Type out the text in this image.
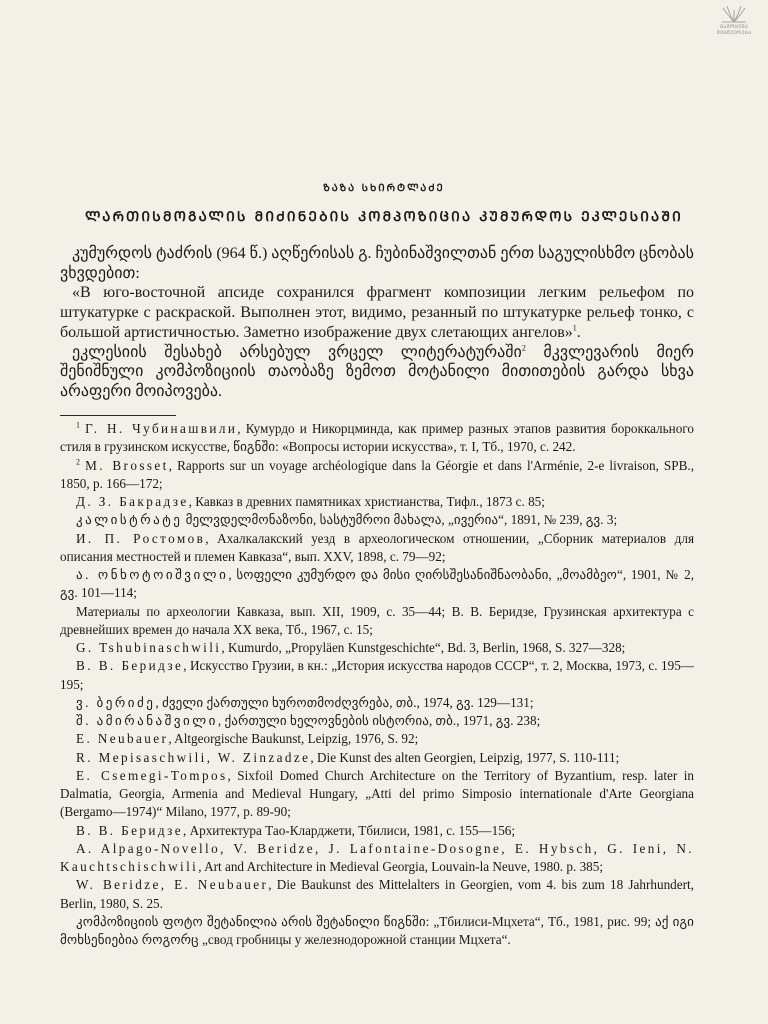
ᲒᲐᲛᲝᲪᲔᲛᲐ
ᲛᲔᲪᲜᲘᲔᲠᲔᲑᲐ
ᲖᲐᲖᲐ ᲡᲮᲘᲠᲢᲚᲐᲫᲔ
ᲚᲐᲠᲗᲘᲡᲛᲝᲒᲐᲚᲘᲡ ᲛᲘᲫᲘᲜᲔᲑᲘᲡ ᲙᲝᲛᲞᲝᲖᲘᲪᲘᲐ ᲙᲣᲛᲣᲠᲓᲝᲡ ᲔᲙᲚᲔᲡᲘᲐᲨᲘ

კუმურდოს ტაძრის (964 წ.) აღწერისას გ. ჩუბინაშვილთან ერთ საგულისხმო ცნობას ვხვდებით:

«В юго-восточной апсиде сохранился фрагмент композиции легким рельефом по штукатурке с раскраской. Выполнен этот, видимо, резанный по штукатурке рельеф тонко, с большой артистичностью. Заметно изображение двух слетающих ангелов»$^1$.

ეკლესიის შესახებ არსებულ ვრცელ ლიტერატურაში$^2$ მკვლევარის მიერ შენიშნული კომპოზიციის თაობაზე ზემოთ მოტანილი მითითების გარდა სხვა არაფერი მოიპოვება.

$^1$ Г. Н. Чубинашвили, Кумурдо и Никорцминда, как пример разных этапов развития бороккального стиля в грузинском искусстве, წიგნში: «Вопросы истории искусства», т. I, Тб., 1970, с. 242.

$^2$ M. Brosset, Rapports sur un voyage archéologique dans la Géorgie et dans l'Arménie, 2-e livraison, SPB., 1850, p. 166—172;

Д. З. Бакрадзе, Кавказ в древних памятниках христианства, Тифл., 1873 с. 85;

კალისტრატე მელვდელმონაზონი, სასტუმროი მახალა, „ივერია“, 1891, № 239, გვ. 3;

И. П. Ростомов, Ахалкалакский уезд в археологическом отношении, „Сборник материалов для описания местностей и племен Кавказа“, вып. XXV, 1898, с. 79—92;

ა. ონხოტოიშვილი, სოფელი კუმურდო და მისი ღირსშესანიშნაობანი, „მოამბეო“, 1901, № 2, გვ. 101—114;

Материалы по археологии Кавказа, вып. XII, 1909, с. 35—44; В. В. Беридзе, Грузинская архитектура с древнейших времен до начала XX века, Тб., 1967, с. 15;

G. Tshubinaschwili, Kumurdo, „Propyläen Kunstgeschichte“, Bd. 3, Berlin, 1968, S. 327—328;

В. В. Беридзе, Искусство Грузии, в кн.: „История искусства народов СССР“, т. 2, Москва, 1973, с. 195—195;

ვ. ბერიძე, ძველი ქართული ხუროთმოძღვრება, თბ., 1974, გვ. 129—131;

შ. ამირანაშვილი, ქართული ხელოვნების ისტორია, თბ., 1971, გვ. 238;

E. Neubauer, Altgeorgische Baukunst, Leipzig, 1976, S. 92;

R. Mepisaschwili, W. Zinzadze, Die Kunst des alten Georgien, Leipzig, 1977, S. 110-111;

E. Csemegi-Tompos, Sixfoil Domed Church Architecture on the Territory of Byzantium, resp. later in Dalmatia, Georgia, Armenia and Medieval Hungary, „Atti del primo Simposio internationale d'Arte Georgiana (Bergamo—1974)“ Milano, 1977, p. 89-90;

В. В. Беридзе, Архитектура Тао-Кларджети, Тбилиси, 1981, с. 155—156;

A. Alpago-Novello, V. Beridze, J. Lafontaine-Dosogne, E. Hybsch, G. Ieni, N. Kauchtschischwili, Art and Architecture in Medieval Georgia, Louvain-la Neuve, 1980. p. 385;

W. Beridze, E. Neubauer, Die Baukunst des Mittelalters in Georgien, vom 4. bis zum 18 Jahrhundert, Berlin, 1980, S. 25.

კომპოზიციის ფოტო შეტანილია არის შეტანილი წიგნში: „Тбилиси-Мцхета“, Тб., 1981, рис. 99; აქ იგი მოხსენიებია როგორც „свод гробницы у железнодорожной станции Мцхета“.
